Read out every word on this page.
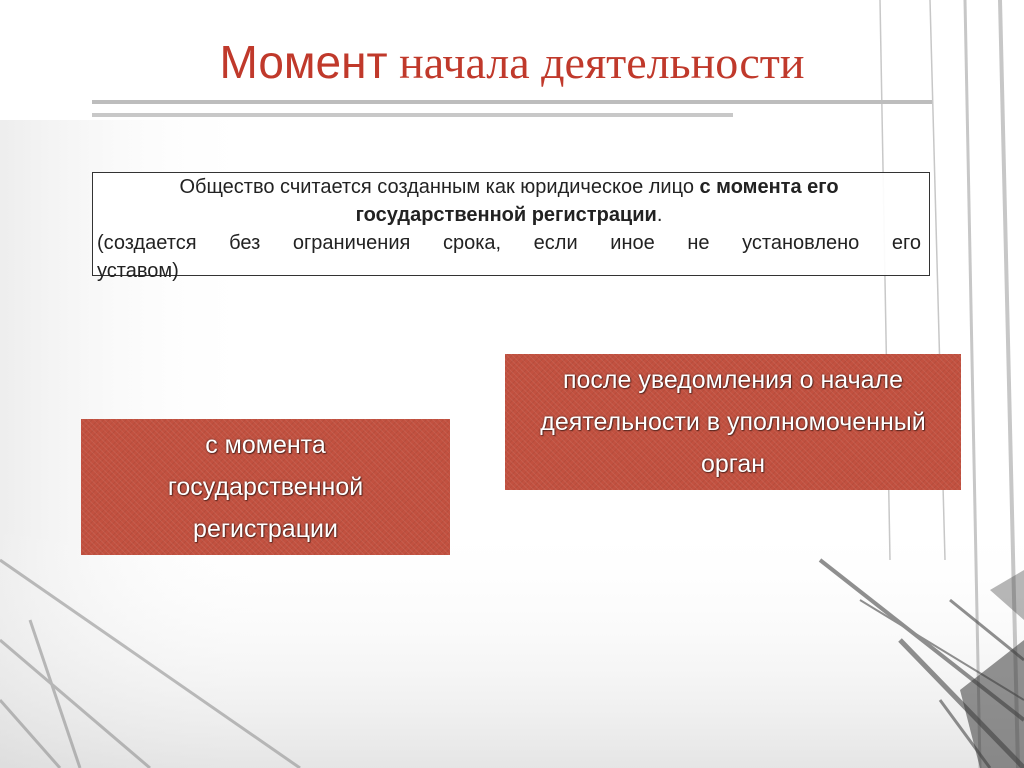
Момент начала деятельности
Общество считается созданным как юридическое лицо с момента его
государственной регистрации.
(создается без ограничения срока, если иное не установлено его
уставом)
с момента
государственной
регистрации
после уведомления о начале
деятельности в уполномоченный
орган
